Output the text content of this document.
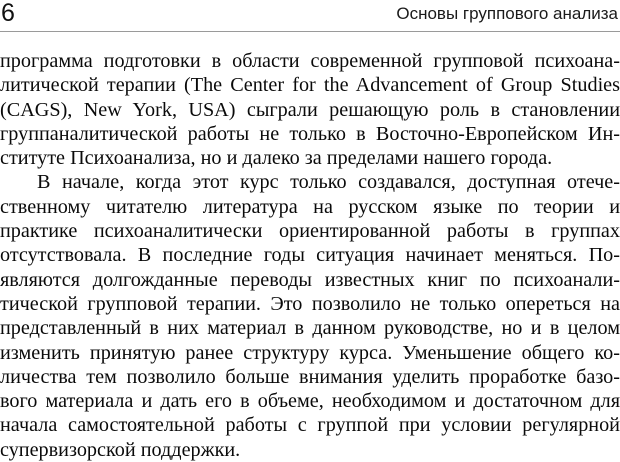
6	Основы группового анализа
программа подготовки в области современной групповой психоана-
литической терапии (The Center for the Advancement of Group Studies
(CAGS), New York, USA) сыграли решающую роль в становлении
группаналитической работы не только в Восточно-Европейском Ин-
ституте Психоанализа, но и далеко за пределами нашего города.
В начале, когда этот курс только создавался, доступная отече-
ственному читателю литература на русском языке по теории и
практике психоаналитически ориентированной работы в группах
отсутствовала. В последние годы ситуация начинает меняться. По-
являются долгожданные переводы известных книг по психоанали-
тической групповой терапии. Это позволило не только опереться на
представленный в них материал в данном руководстве, но и в целом
изменить принятую ранее структуру курса. Уменьшение общего ко-
личества тем позволило больше внимания уделить проработке базо-
вого материала и дать его в объеме, необходимом и достаточном для
начала самостоятельной работы с группой при условии регулярной
супервизорской поддержки.
